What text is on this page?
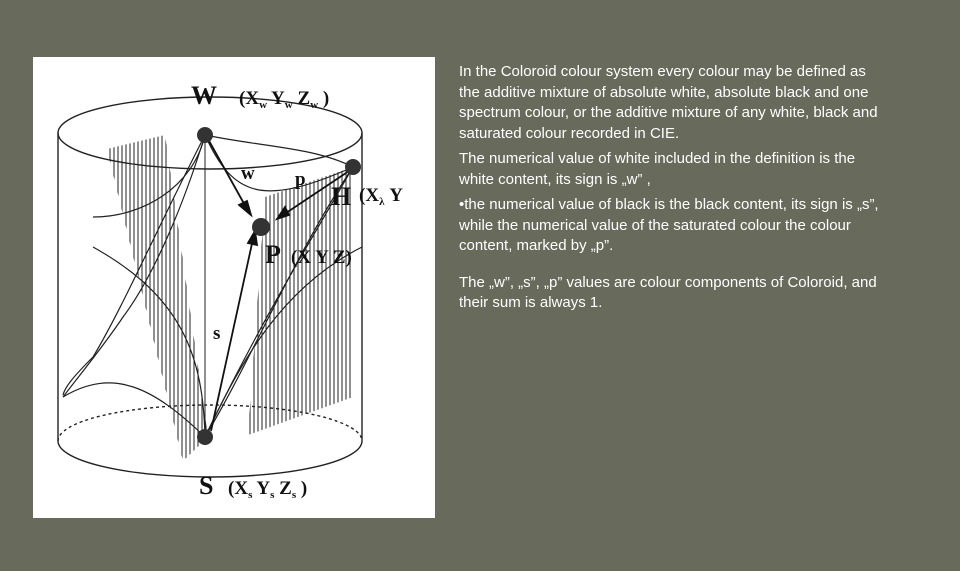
W ($X_w$ $Y_w$ $Z_w$ )
H ($X_\lambda$ Y
P (X Y Z)
w p
s
S ($X_s$ $Y_s$ $Z_s$ )

In the Coloroid colour system every colour may be defined as the additive mixture of absolute white, absolute black and one spectrum colour, or the additive mixture of any white, black and saturated colour recorded in CIE.

The numerical value of white included in the definition is the white content, its sign is „w” ,

•the numerical value of black is the black content, its sign is „s”, while the numerical value of the saturated colour the colour content, marked by „p”.

The „w”, „s”, „p” values are colour components of Coloroid, and their sum is always 1.
